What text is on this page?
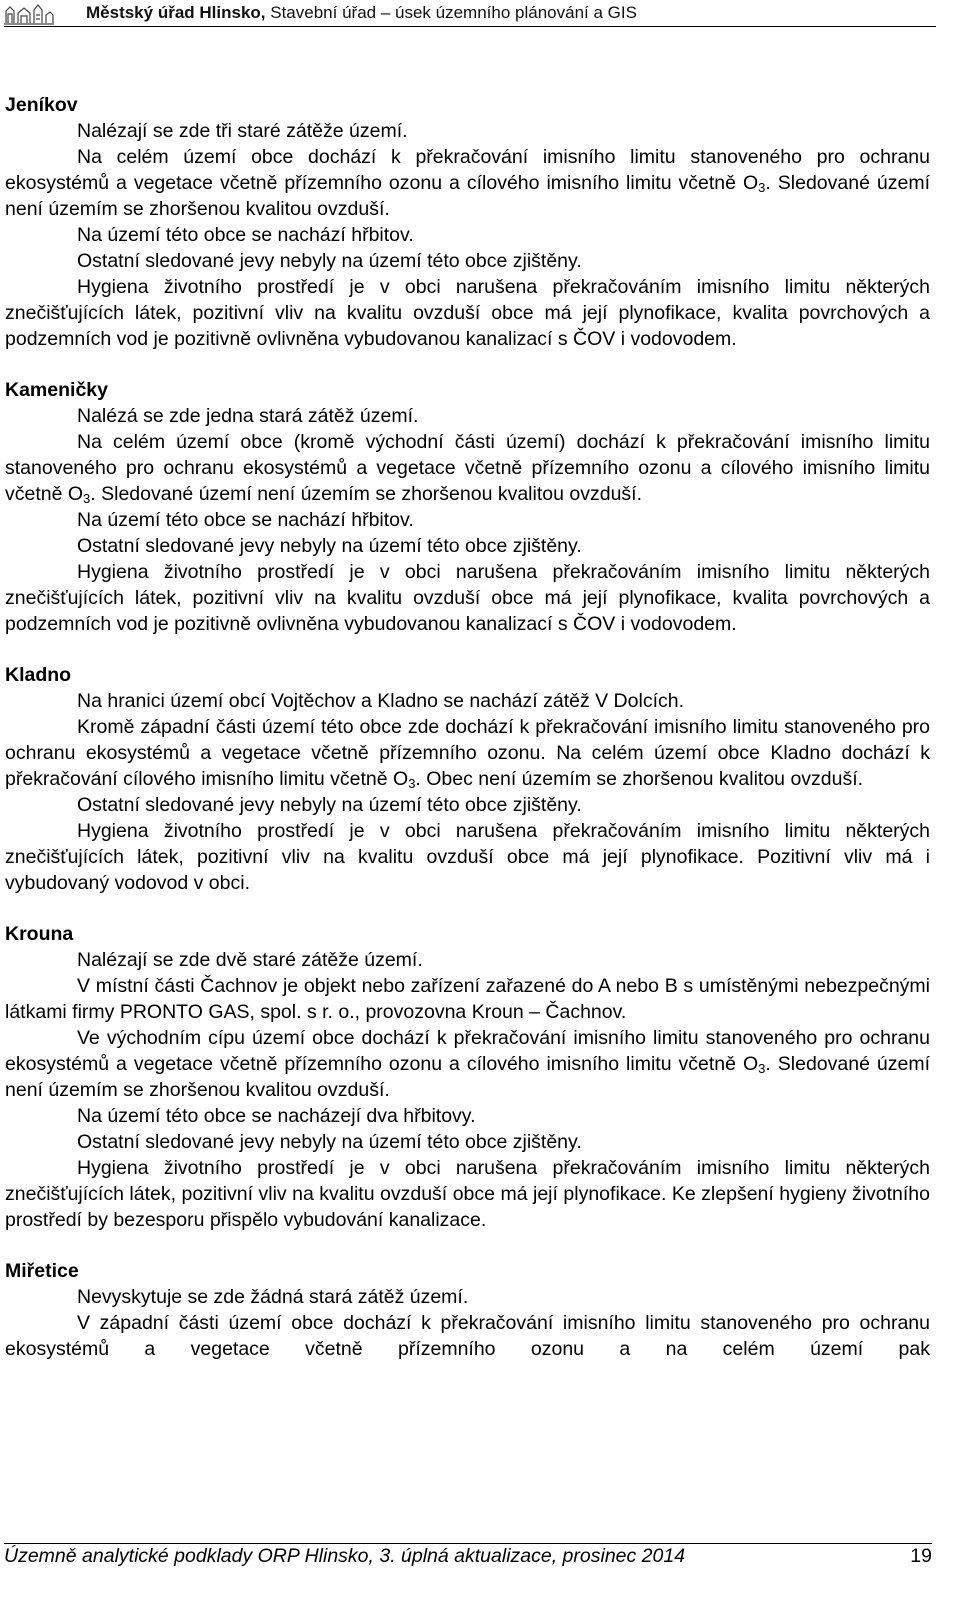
Městský úřad Hlinsko, Stavební úřad – úsek územního plánování a GIS
Jeníkov

Nalézají se zde tři staré zátěže území.

Na celém území obce dochází k překračování imisního limitu stanoveného pro ochranu ekosystémů a vegetace včetně přízemního ozonu a cílového imisního limitu včetně $O_3$. Sledované území není územím se zhoršenou kvalitou ovzduší.

Na území této obce se nachází hřbitov.

Ostatní sledované jevy nebyly na území této obce zjištěny.

Hygiena životního prostředí je v obci narušena překračováním imisního limitu některých znečišťujících látek, pozitivní vliv na kvalitu ovzduší obce má její plynofikace, kvalita povrchových a podzemních vod je pozitivně ovlivněna vybudovanou kanalizací s ČOV i vodovodem.

Kameničky

Nalézá se zde jedna stará zátěž území.

Na celém území obce (kromě východní části území) dochází k překračování imisního limitu stanoveného pro ochranu ekosystémů a vegetace včetně přízemního ozonu a cílového imisního limitu včetně $O_3$. Sledované území není územím se zhoršenou kvalitou ovzduší.

Na území této obce se nachází hřbitov.

Ostatní sledované jevy nebyly na území této obce zjištěny.

Hygiena životního prostředí je v obci narušena překračováním imisního limitu některých znečišťujících látek, pozitivní vliv na kvalitu ovzduší obce má její plynofikace, kvalita povrchových a podzemních vod je pozitivně ovlivněna vybudovanou kanalizací s ČOV i vodovodem.

Kladno

Na hranici území obcí Vojtěchov a Kladno se nachází zátěž V Dolcích.

Kromě západní části území této obce zde dochází k překračování imisního limitu stanoveného pro ochranu ekosystémů a vegetace včetně přízemního ozonu. Na celém území obce Kladno dochází k překračování cílového imisního limitu včetně $O_3$. Obec není územím se zhoršenou kvalitou ovzduší.

Ostatní sledované jevy nebyly na území této obce zjištěny.

Hygiena životního prostředí je v obci narušena překračováním imisního limitu některých znečišťujících látek, pozitivní vliv na kvalitu ovzduší obce má její plynofikace. Pozitivní vliv má i vybudovaný vodovod v obci.

Krouna

Nalézají se zde dvě staré zátěže území.

V místní části Čachnov je objekt nebo zařízení zařazené do A nebo B s umístěnými nebezpečnými látkami firmy PRONTO GAS, spol. s r. o., provozovna Kroun – Čachnov.

Ve východním cípu území obce dochází k překračování imisního limitu stanoveného pro ochranu ekosystémů a vegetace včetně přízemního ozonu a cílového imisního limitu včetně $O_3$. Sledované území není územím se zhoršenou kvalitou ovzduší.

Na území této obce se nacházejí dva hřbitovy.

Ostatní sledované jevy nebyly na území této obce zjištěny.

Hygiena životního prostředí je v obci narušena překračováním imisního limitu některých znečišťujících látek, pozitivní vliv na kvalitu ovzduší obce má její plynofikace. Ke zlepšení hygieny životního prostředí by bezesporu přispělo vybudování kanalizace.

Miřetice

Nevyskytuje se zde žádná stará zátěž území.

V západní části území obce dochází k překračování imisního limitu stanoveného pro ochranu ekosystémů a vegetace včetně přízemního ozonu a na celém území pak

Územně analytické podklady ORP Hlinsko, 3. úplná aktualizace, prosinec 2014	19
